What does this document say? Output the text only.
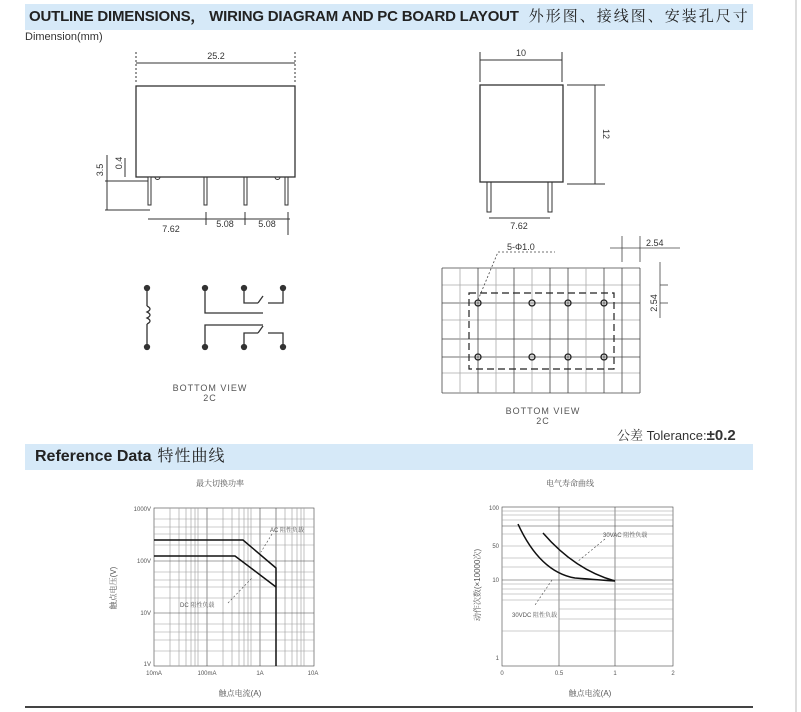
OUTLINE DIMENSIONS， WIRING DIAGRAM AND PC BOARD LAYOUT 外形图、接线图、安装孔尺寸
Dimension(mm)
25.2
7.62	5.08	5.08
10
7.62
5-Φ1.0	2.54
3.5
0.4
12
2.54
BOTTOM VIEW
2C
BOTTOM VIEW
2C
公差 Tolerance:±0.2
Reference Data 特性曲线
最大切换功率	电气寿命曲线
1000V
100V
10V
1V
10mA	100mA	1A	10A
AC 阻性负载
DC 阻性负载
100
50
10
1
0	0.5	1	2
30VAC 阻性负载
30VDC 阻性负载
触点电压(V)	动作次数(×10000次)
触点电流(A)	触点电流(A)
